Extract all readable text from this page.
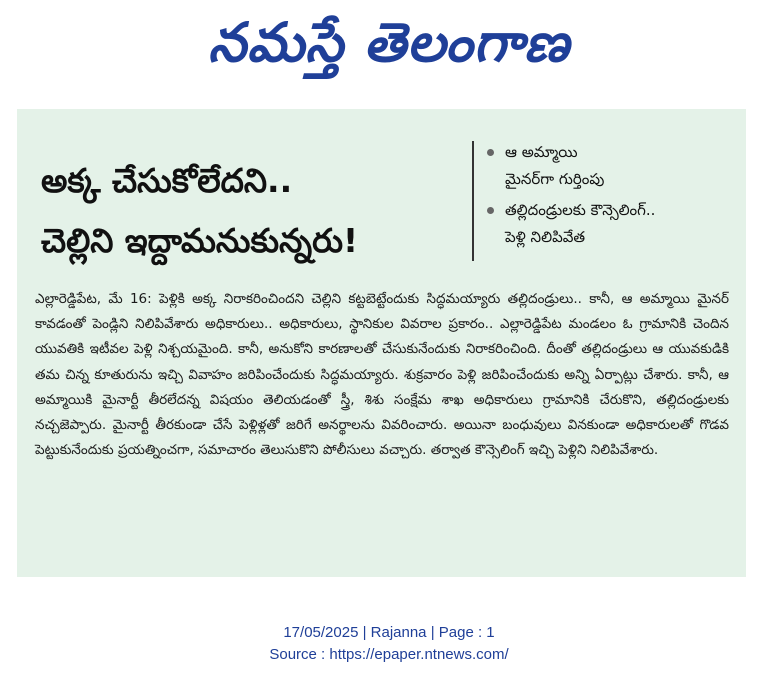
నమస్తే తెలంగాణ
అక్క చేసుకోలేదని..
చెల్లిని ఇద్దామనుకున్నరు!
ఆ అమ్మాయి
మైనర్‌గా గుర్తింపు
తల్లిదండ్రులకు కౌన్సెలింగ్..
పెళ్లి నిలిపివేత
ఎల్లారెడ్డిపేట, మే 16: పెళ్లికి అక్క నిరాకరించిందని చెల్లిని కట్టబెట్టేందుకు సిద్ధమయ్యారు తల్లిదండ్రులు.. కానీ, ఆ అమ్మాయి మైనర్ కావడంతో పెండ్లిని నిలిపివేశారు అధికారులు.. అధికారులు, స్థానికుల వివరాల ప్రకారం.. ఎల్లారెడ్డిపేట మండలం ఓ గ్రామానికి చెందిన యువతికి ఇటీవల పెళ్లి నిశ్చయమైంది. కానీ, అనుకోని కారణాలతో చేసుకునేందుకు నిరాకరించింది. దీంతో తల్లిదండ్రులు ఆ యువకుడికి తమ చిన్న కూతురును ఇచ్చి వివాహం జరిపించేందుకు సిద్ధమయ్యారు. శుక్రవారం పెళ్లి జరిపించేందుకు అన్ని ఏర్పాట్లు చేశారు. కానీ, ఆ అమ్మాయికి మైనార్టీ తీరలేదన్న విషయం తెలియడంతో స్త్రీ, శిశు సంక్షేమ శాఖ అధికారులు గ్రామానికి చేరుకొని, తల్లిదండ్రులకు నచ్చజెప్పారు. మైనార్టీ తీరకుండా చేసే పెళ్లిళ్లతో జరిగే అనర్థాలను వివరించారు. అయినా బంధువులు వినకుండా అధికారులతో గొడవ పెట్టుకునేందుకు ప్రయత్నించగా, సమాచారం తెలుసుకొని పోలీసులు వచ్చారు. తర్వాత కౌన్సెలింగ్ ఇచ్చి పెళ్లిని నిలిపివేశారు.
17/05/2025 | Rajanna | Page : 1
Source : https://epaper.ntnews.com/
